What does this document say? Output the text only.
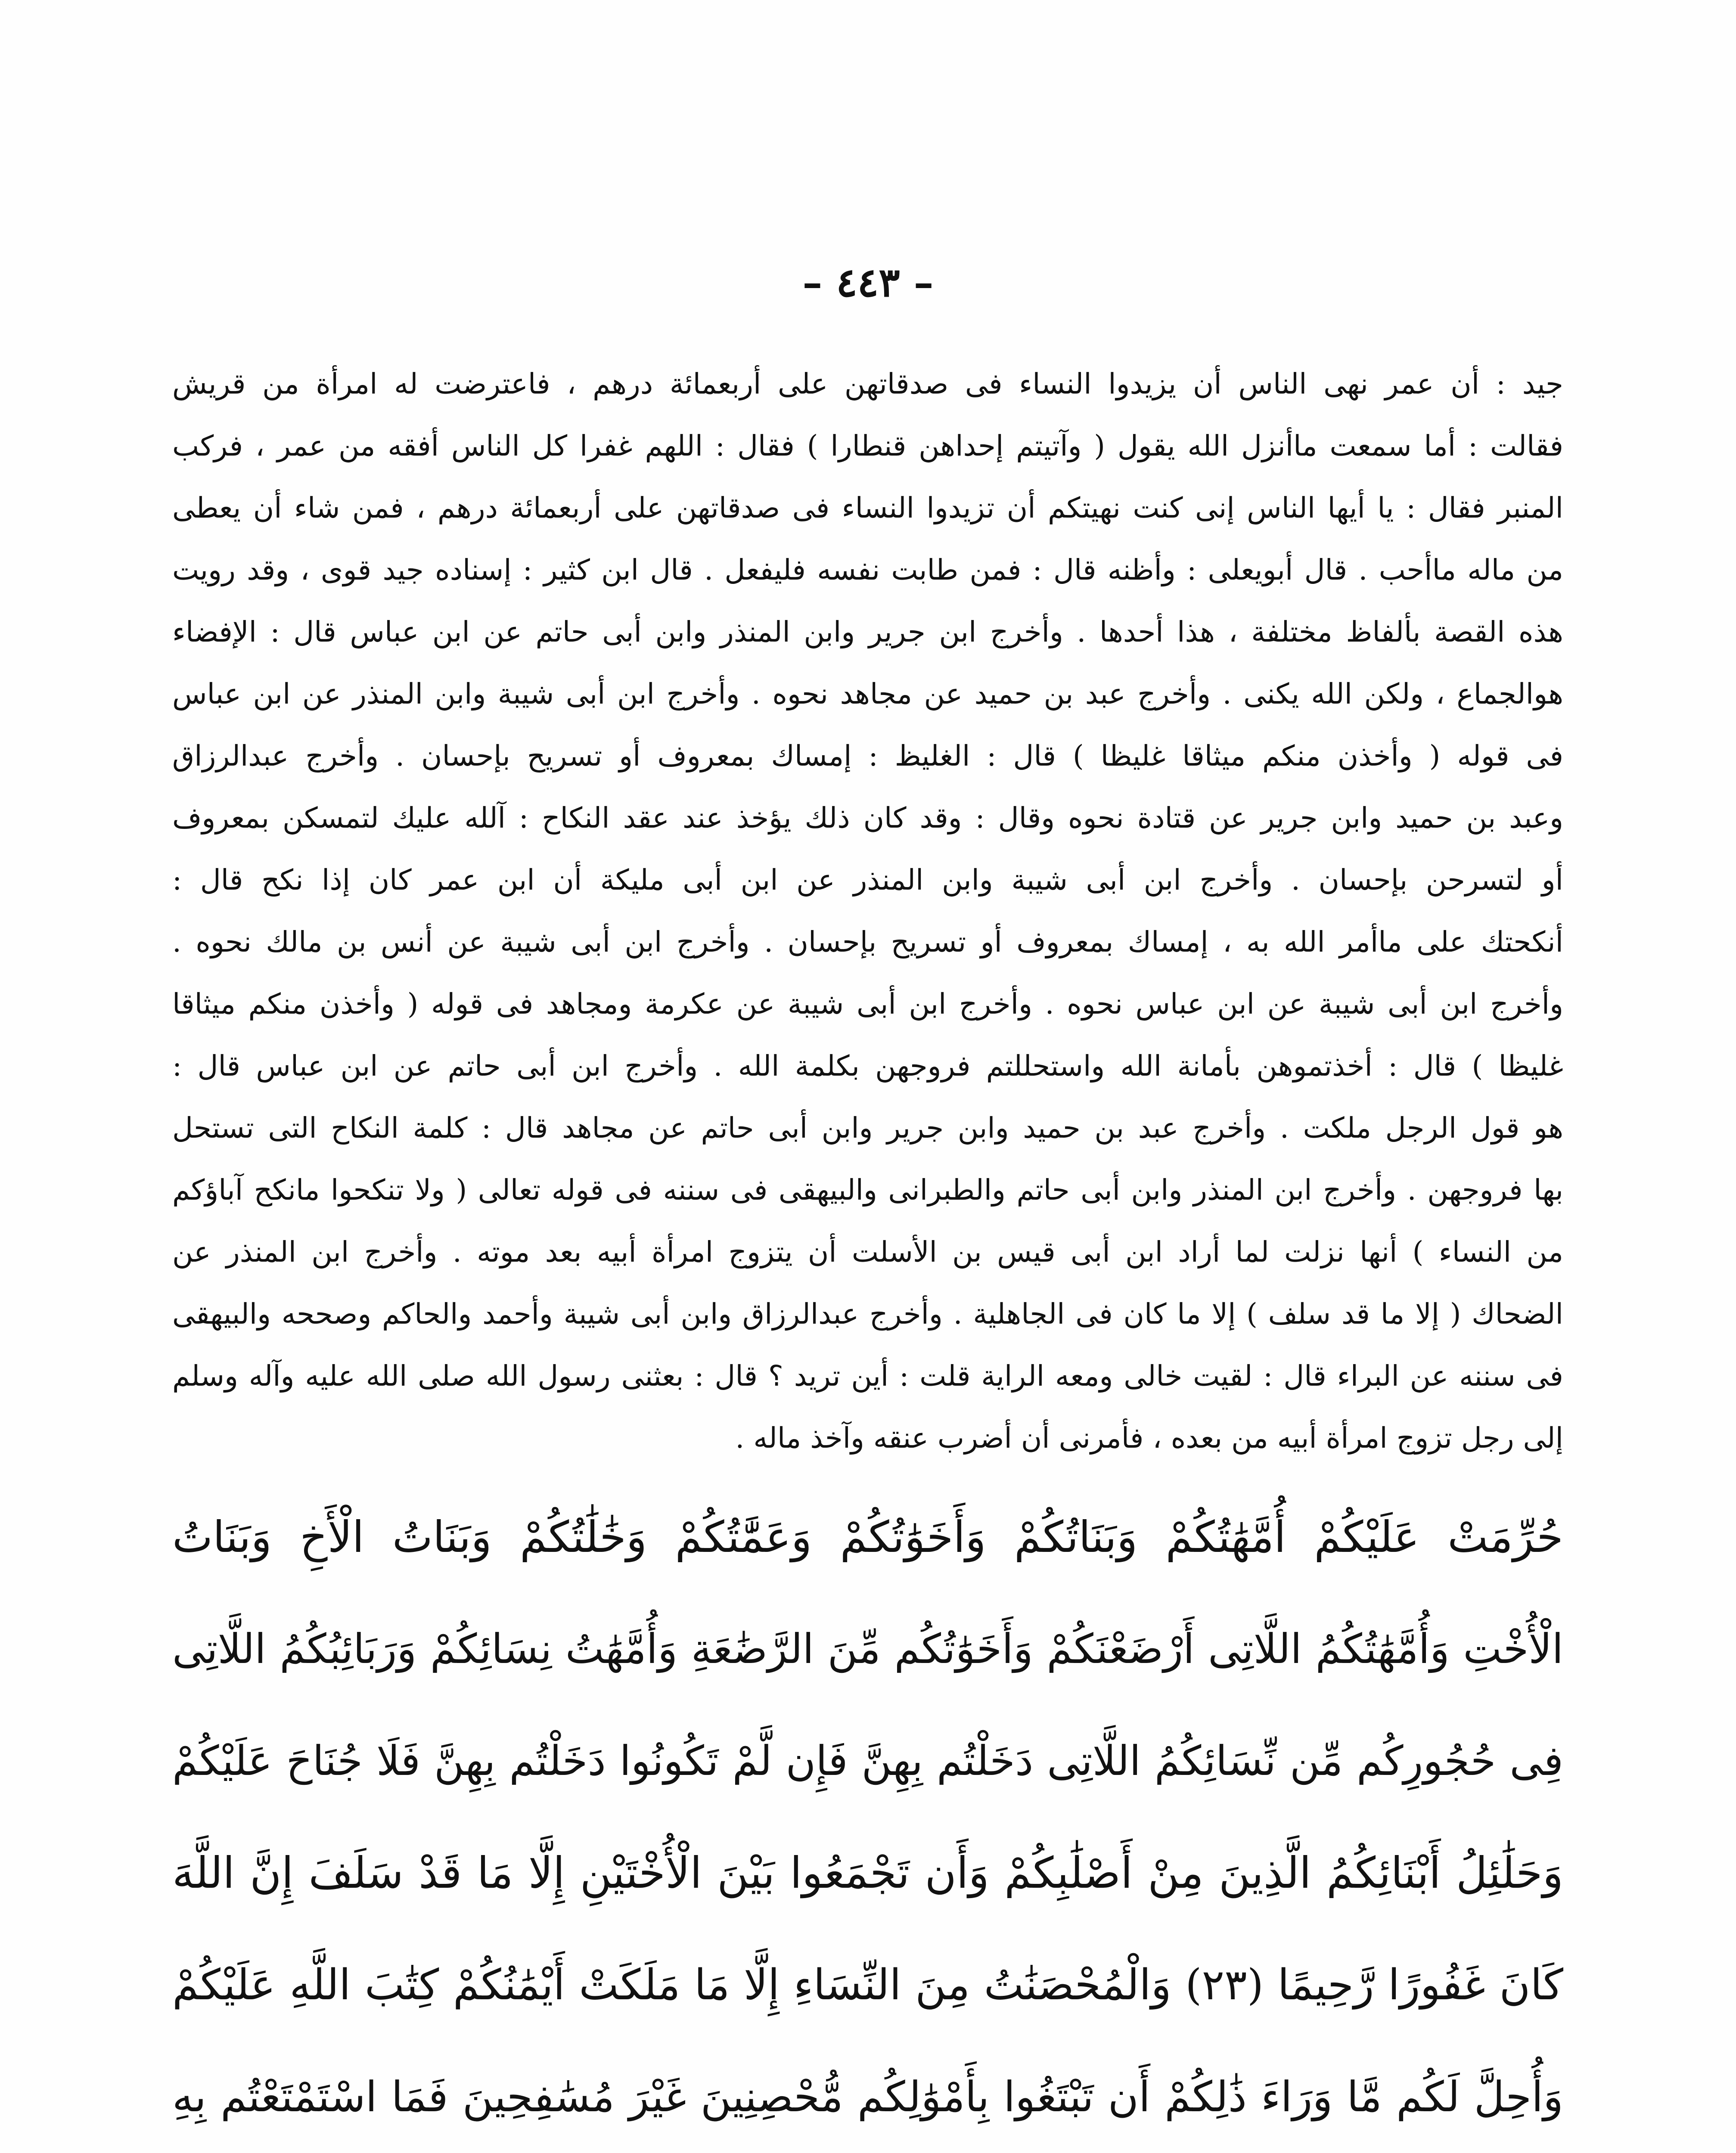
– ٤٤٣ –
جيد : أن عمر نهى الناس أن يزيدوا النساء فى صدقاتهن على أربعمائة درهم ، فاعترضت له امرأة من قريش
فقالت : أما سمعت ماأنزل الله يقول ( وآتيتم إحداهن قنطارا ) فقال : اللهم غفرا كل الناس أفقه من عمر ، فركب
المنبر فقال : يا أيها الناس إنى كنت نهيتكم أن تزيدوا النساء فى صدقاتهن على أربعمائة درهم ، فمن شاء أن يعطى
من ماله ماأحب . قال أبويعلى : وأظنه قال : فمن طابت نفسه فليفعل . قال ابن كثير : إسناده جيد قوى ، وقد رويت
هذه القصة بألفاظ مختلفة ، هذا أحدها . وأخرج ابن جرير وابن المنذر وابن أبى حاتم عن ابن عباس قال : الإفضاء
هوالجماع ، ولكن الله يكنى . وأخرج عبد بن حميد عن مجاهد نحوه . وأخرج ابن أبى شيبة وابن المنذر عن ابن عباس
فى قوله ( وأخذن منكم ميثاقا غليظا ) قال : الغليظ : إمساك بمعروف أو تسريح بإحسان . وأخرج عبدالرزاق
وعبد بن حميد وابن جرير عن قتادة نحوه وقال : وقد كان ذلك يؤخذ عند عقد النكاح : آلله عليك لتمسكن بمعروف
أو لتسرحن بإحسان . وأخرج ابن أبى شيبة وابن المنذر عن ابن أبى مليكة أن ابن عمر كان إذا نكح قال :
أنكحتك على ماأمر الله به ، إمساك بمعروف أو تسريح بإحسان . وأخرج ابن أبى شيبة عن أنس بن مالك نحوه .
وأخرج ابن أبى شيبة عن ابن عباس نحوه . وأخرج ابن أبى شيبة عن عكرمة ومجاهد فى قوله ( وأخذن منكم ميثاقا
غليظا ) قال : أخذتموهن بأمانة الله واستحللتم فروجهن بكلمة الله . وأخرج ابن أبى حاتم عن ابن عباس قال :
هو قول الرجل ملكت . وأخرج عبد بن حميد وابن جرير وابن أبى حاتم عن مجاهد قال : كلمة النكاح التى تستحل
بها فروجهن . وأخرج ابن المنذر وابن أبى حاتم والطبرانى والبيهقى فى سننه فى قوله تعالى ( ولا تنكحوا مانكح آباؤكم
من النساء ) أنها نزلت لما أراد ابن أبى قيس بن الأسلت أن يتزوج امرأة أبيه بعد موته . وأخرج ابن المنذر عن
الضحاك ( إلا ما قد سلف ) إلا ما كان فى الجاهلية . وأخرج عبدالرزاق وابن أبى شيبة وأحمد والحاكم وصححه والبيهقى
فى سننه عن البراء قال : لقيت خالى ومعه الراية قلت : أين تريد ؟ قال : بعثنى رسول الله صلى الله عليه وآله وسلم
إلى رجل تزوج امرأة أبيه من بعده ، فأمرنى أن أضرب عنقه وآخذ ماله .
حُرِّمَتْ عَلَيْكُمْ أُمَّهَٰتُكُمْ وَبَنَاتُكُمْ وَأَخَوَٰتُكُمْ وَعَمَّٰتُكُمْ وَخَٰلَٰتُكُمْ وَبَنَاتُ الْأَخِ وَبَنَاتُ
الْأُخْتِ وَأُمَّهَٰتُكُمُ اللَّاتِى أَرْضَعْنَكُمْ وَأَخَوَٰتُكُم مِّنَ الرَّضَٰعَةِ وَأُمَّهَٰتُ نِسَائِكُمْ وَرَبَائِبُكُمُ اللَّاتِى
فِى حُجُورِكُم مِّن نِّسَائِكُمُ اللَّاتِى دَخَلْتُم بِهِنَّ فَإِن لَّمْ تَكُونُوا دَخَلْتُم بِهِنَّ فَلَا جُنَاحَ عَلَيْكُمْ
وَحَلَٰئِلُ أَبْنَائِكُمُ الَّذِينَ مِنْ أَصْلَٰبِكُمْ وَأَن تَجْمَعُوا بَيْنَ الْأُخْتَيْنِ إِلَّا مَا قَدْ سَلَفَ إِنَّ اللَّهَ
كَانَ غَفُورًا رَّحِيمًا (٢٣) وَالْمُحْصَنَٰتُ مِنَ النِّسَاءِ إِلَّا مَا مَلَكَتْ أَيْمَٰنُكُمْ كِتَٰبَ اللَّهِ عَلَيْكُمْ
وَأُحِلَّ لَكُم مَّا وَرَاءَ ذَٰلِكُمْ أَن تَبْتَغُوا بِأَمْوَٰلِكُم مُّحْصِنِينَ غَيْرَ مُسَٰفِحِينَ فَمَا اسْتَمْتَعْتُم بِهِ
